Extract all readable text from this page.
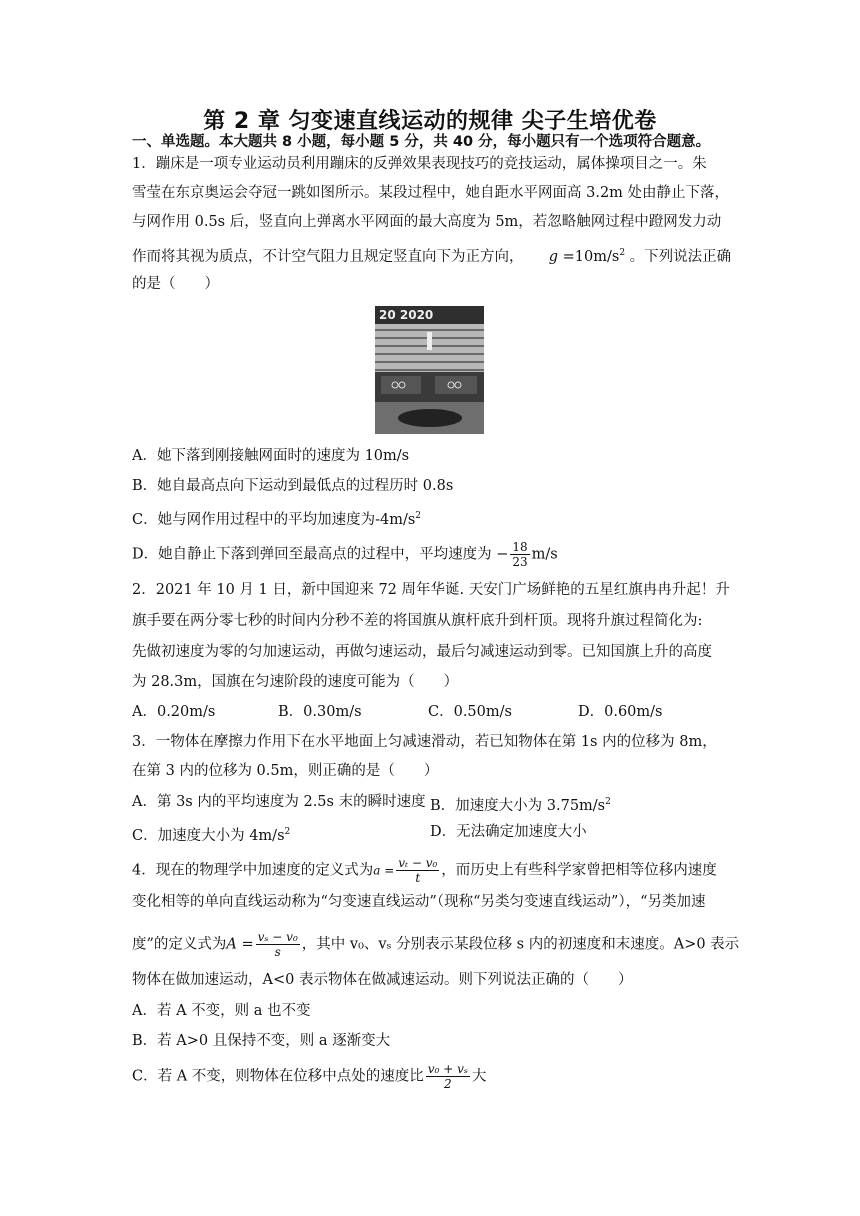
第 2 章 匀变速直线运动的规律 尖子生培优卷
一、单选题。本大题共 8 小题，每小题 5 分，共 40 分，每小题只有一个选项符合题意。
1．蹦床是一项专业运动员利用蹦床的反弹效果表现技巧的竞技运动，属体操项目之一。朱
雪莹在东京奥运会夺冠一跳如图所示。某段过程中，她自距水平网面高 3.2m 处由静止下落，
与网作用 0.5s 后，竖直向上弹离水平网面的最大高度为 5m，若忽略触网过程中蹬网发力动
作而将其视为质点，不计空气阻力且规定竖直向下为正方向， $g =10m/s^2$ 。下列说法正确
的是（　　）
20 2020
A．她下落到刚接触网面时的速度为 10m/s
B．她自最高点向下运动到最低点的过程历时 0.8s
C．她与网作用过程中的平均加速度为$-4m/s^2$
D．她自静止下落到弹回至最高点的过程中，平均速度为 − $\frac{18}{23} m/s$
2．2021 年 10 月 1 日，新中国迎来 72 周年华诞. 天安门广场鲜艳的五星红旗冉冉升起！升
旗手要在两分零七秒的时间内分秒不差的将国旗从旗杆底升到杆顶。现将升旗过程简化为:
先做初速度为零的匀加速运动，再做匀速运动，最后匀减速运动到零。已知国旗上升的高度
为 28.3m，国旗在匀速阶段的速度可能为（　　）
A．0.20m/s	B．0.30m/s	C．0.50m/s	D．0.60m/s
3．一物体在摩擦力作用下在水平地面上匀减速滑动，若已知物体在第 1s 内的位移为 8m，
在第 3 内的位移为 0.5m，则正确的是（　　）
A．第 3s 内的平均速度为 2.5s 末的瞬时速度 B．加速度大小为 $3.75m/s^2$
C．加速度大小为 $4m/s^2$	D．无法确定加速度大小
4．现在的物理学中加速度的定义式为$a = \frac{\text{vₜ − v₀}}{t}$ ，而历史上有些科学家曾把相等位移内速度
变化相等的单向直线运动称为“匀变速直线运动”（现称“另类匀变速直线运动”），“另类加速
度”的定义式为$A = \frac{\text{vₛ − v₀}}{s}$ ，其中 v₀、vₛ 分别表示某段位移 s 内的初速度和末速度。A>0 表示
物体在做加速运动，A<0 表示物体在做减速运动。则下列说法正确的（　　）
A．若 A 不变，则 a 也不变
B．若 A>0 且保持不变，则 a 逐渐变大
C．若 A 不变，则物体在位移中点处的速度比 $\frac{\text{v₀ + vₛ}}{2}$ 大
